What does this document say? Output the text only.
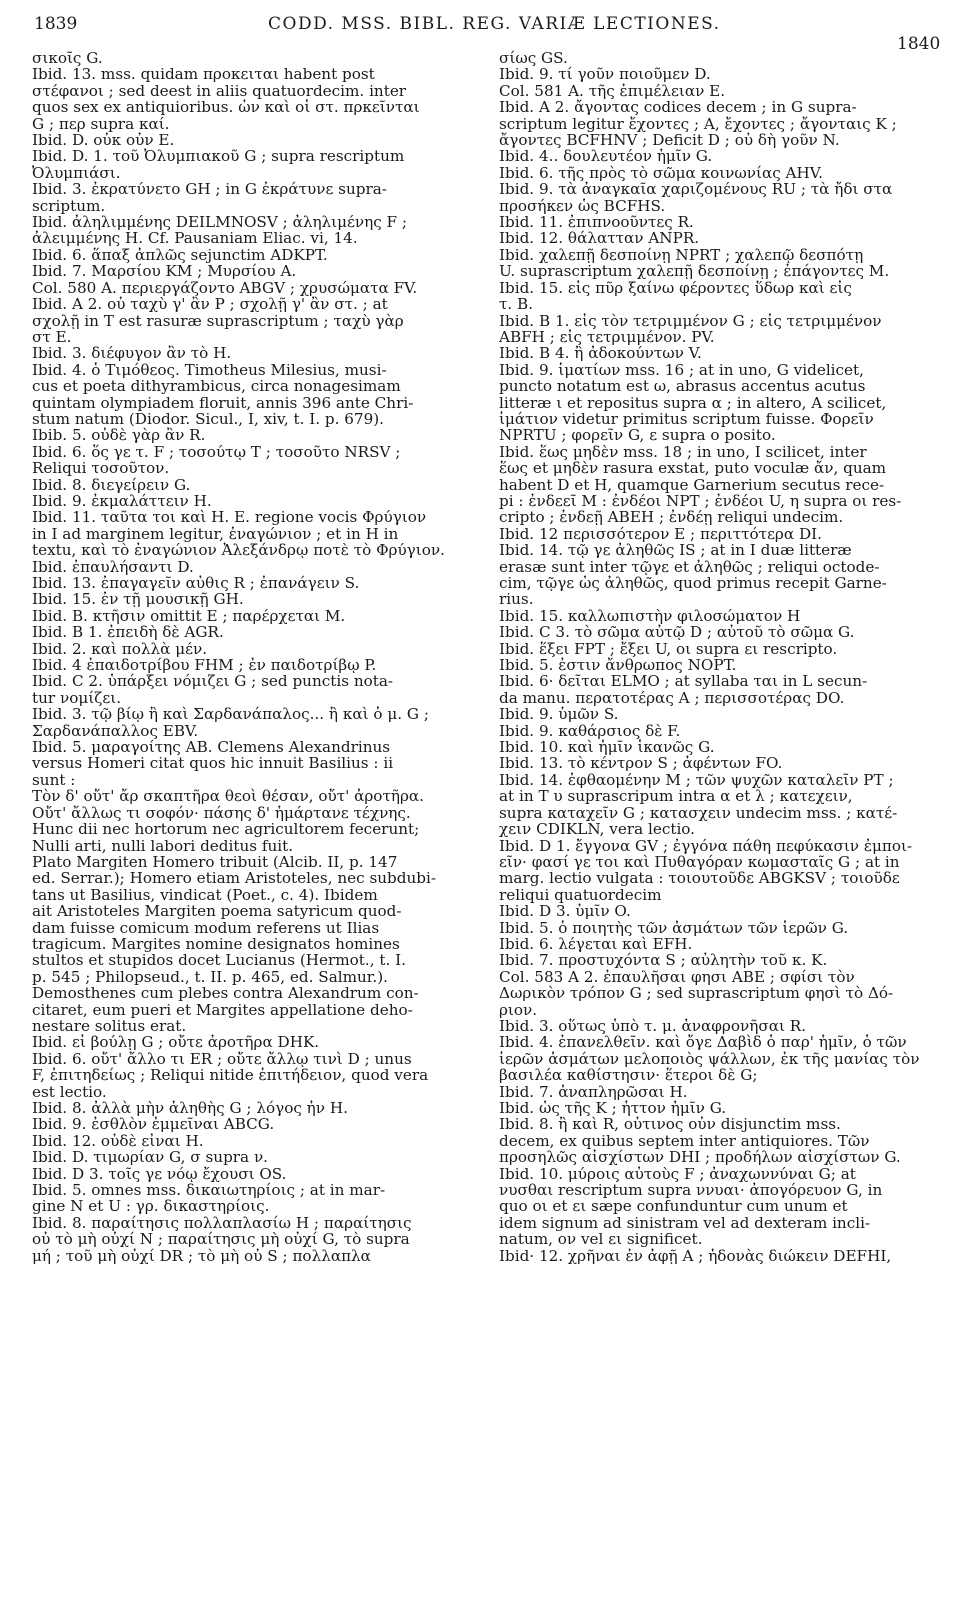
1839	CODD. MSS. BIBL. REG. VARIÆ LECTIONES.
1840
σικοῖς G.
Ibid. 13. mss. quidam προκειται habent post
στέφανοι ; sed deest in aliis quatuordecim. inter
quos sex ex antiquioribus. ὧν καὶ οἱ στ. πρκεῖνται
G ; περ supra καί.
Ibid. D. οὐκ οὖν E.
Ibid. D. 1. τοῦ Ὀλυμπιακοῦ G ; supra rescriptum
Ὀλυμπιάσι.
Ibid. 3. ἐκρατύνετο GH ; in G ἐκράτυνε supra-
scriptum.
Ibid. ἀληλιμμένης DEILMNOSV ; ἀληλιμένης F ;
ἀλειμμένης H. Cf. Pausaniam Eliac. vi, 14.
Ibid. 6. ἅπαξ ἁπλῶς sejunctim ADKPT.
Ibid. 7. Μαρσίου KM ; Μυρσίου A.
Col. 580 A. περιεργάζοντο ABGV ; χρυσώματα FV.
Ibid. A 2. οὐ ταχὺ γ' ἂν P ; σχολῇ γ' ἂν στ. ; at
σχολῇ in T est rasuræ suprascriptum ; ταχὺ γὰρ
στ E.
Ibid. 3. διέφυγον ἂν τὸ H.
Ibid. 4. ὁ Τιμόθεος. Timotheus Milesius, musi-
cus et poeta dithyrambicus, circa nonagesimam
quintam olympiadem floruit, annis 396 ante Chri-
stum natum (Diodor. Sicul., I, xiv, t. I. p. 679).
Ibib. 5. οὐδὲ γὰρ ἂν R.
Ibid. 6. ὅς γε τ. F ; τοσούτῳ T ; τοσοῦτο NRSV ;
Reliqui τοσοῦτον.
Ibid. 8. διεγείρειν G.
Ibid. 9. ἐκμαλάττειν H.
Ibid. 11. ταῦτα τοι καὶ H. E. regione vocis Φρύγιον
in I ad marginem legitur, ἐναγώνιον ; et in H in
textu, καὶ τὸ ἐναγώνιον Ἀλεξάνδρῳ ποτὲ τὸ Φρύγιον.
Ibid. ἐπαυλήσαντι D.
Ibid. 13. ἐπαγαγεῖν αὖθις R ; ἐπανάγειν S.
Ibid. 15. ἐν τῇ μουσικῇ GH.
Ibid. B. κτῆσιν omittit E ; παρέρχεται M.
Ibid. B 1. ἐπειδὴ δὲ AGR.
Ibid. 2. καὶ πολλὰ μέν.
Ibid. 4 ἐπαιδοτρίβου FHM ; ἐν παιδοτρίβῳ P.
Ibid. C 2. ὑπάρξει νόμιζει G ; sed punctis nota-
tur νομίζει.
Ibid. 3. τῷ βίῳ ἢ καὶ Σαρδανάπαλος... ἢ καὶ ὁ μ. G ;
Σαρδανάπαλλος EBV.
Ibid. 5. μαραγοίτης AB. Clemens Alexandrinus
versus Homeri citat quos hic innuit Basilius : ii
sunt :
Τὸν δ' οὔτ' ἄρ σκαπτῆρα θεοὶ θέσαν, οὔτ' ἀροτῆρα.
Οὔτ' ἄλλως τι σοφόν· πάσης δ' ἡμάρτανε τέχνης.
Hunc dii nec hortorum nec agricultorem fecerunt;
Nulli arti, nulli labori deditus fuit.
Plato Margiten Homero tribuit (Alcib. II, p. 147
ed. Serrar.); Homero etiam Aristoteles, nec subdubi-
tans ut Basilius, vindicat (Poet., c. 4). Ibidem
ait Aristoteles Margiten poema satyricum quod-
dam fuisse comicum modum referens ut Ilias
tragicum. Margites nomine designatos homines
stultos et stupidos docet Lucianus (Hermot., t. I.
p. 545 ; Philopseud., t. II. p. 465, ed. Salmur.).
Demosthenes cum plebes contra Alexandrum con-
citaret, eum pueri et Margites appellatione deho-
nestare solitus erat.
Ibid. εἰ βούλῃ G ; οὔτε ἀροτῆρα DHK.
Ibid. 6. οὔτ' ἄλλο τι ER ; οὔτε ἄλλῳ τινὶ D ; unus
F, ἐπιτηδείως ; Reliqui nitide ἐπιτήδειον, quod vera
est lectio.
Ibid. 8. ἀλλὰ μὴν ἀληθὴς G ; λόγος ἦν H.
Ibid. 9. ἐσθλὸν ἐμμεῖναι ABCG.
Ibid. 12. οὐδὲ εἶναι H.
Ibid. D. τιμωρίαν G, σ supra ν.
Ibid. D 3. τοῖς γε νόῳ ἔχουσι OS.
Ibid. 5. omnes mss. δικαιωτηρίοις ; at in mar-
gine N et U : γρ. δικαστηρίοις.
Ibid. 8. παραίτησις πολλαπλασίω H ; παραίτησις
οὐ τὸ μὴ οὐχί N ; παραίτησις μὴ οὐχί G, τὸ supra
μή ; τοῦ μὴ οὐχί DR ; τὸ μὴ οὐ S ; πολλαπλα
σίως GS.
Ibid. 9. τί γοῦν ποιοῦμεν D.
Col. 581 A. τῆς ἐπιμέλειαν E.
Ibid. A 2. ἄγοντας codices decem ; in G supra-
scriptum legitur ἔχοντες ; A, ἔχοντες ; ἄγονταις K ;
ἄγοντες BCFHNV ; Deficit D ; οὐ δὴ γοῦν N.
Ibid. 4.. δουλευτέον ἡμῖν G.
Ibid. 6. τῆς πρὸς τὸ σῶμα κοινωνίας AHV.
Ibid. 9. τὰ ἀναγκαῖα χαριζομένους RU ; τὰ ἤδι στα
προσήκεν ὡς BCFHS.
Ibid. 11. ἐπιπνοοῦντες R.
Ibid. 12. θάλατταν ANPR.
Ibid. χαλεπῇ δεσποίνῃ NPRT ; χαλεπῷ δεσπότῃ
U. suprascriptum χαλεπῇ δεσποίνῃ ; ἐπάγοντες M.
Ibid. 15. εἰς πῦρ ξαίνω φέροντες ὕδωρ καὶ εἰς
τ. B.
Ibid. B 1. εἰς τὸν τετριμμένον G ; εἰς τετριμμένον
ABFH ; εἰς τετριμμένον. PV.
Ibid. B 4. ἢ ἀδοκούντων V.
Ibid. 9. ἱματίων mss. 16 ; at in uno, G videlicet,
puncto notatum est ω, abrasus accentus acutus
litteræ ι et repositus supra α ; in altero, A scilicet,
ἱμάτιον videtur primitus scriptum fuisse. Φορεῖν
NPRTU ; φορεῖν G, ε supra ο posito.
Ibid. ἕως μηδὲν mss. 18 ; in uno, I scilicet, inter
ἕως et μηδὲν rasura exstat, puto voculæ ἄν, quam
habent D et H, quamque Garnerium secutus rece-
pi : ἐνδεεῖ M : ἐνδέοι NPT ; ἐνδέοι U, η supra οι res-
cripto ; ἐνδεῇ ABEH ; ἐνδέῃ reliqui undecim.
Ibid. 12 περισσότερον E ; περιττότερα DI.
Ibid. 14. τῷ γε ἀληθῶς IS ; at in I duæ litteræ
erasæ sunt inter τῷγε et ἀληθῶς ; reliqui octode-
cim, τῷγε ὡς ἀληθῶς, quod primus recepit Garne-
rius.
Ibid. 15. καλλωπιστὴν φιλοσώματον H
Ibid. C 3. τὸ σῶμα αὐτῷ D ; αὐτοῦ τὸ σῶμα G.
Ibid. ἕξει FPT ; ἔξει U, οι supra ει rescripto.
Ibid. 5. ἐστιν ἄνθρωπος NOPT.
Ibid. 6· δεῖται ELMO ; at syllaba ται in L secun-
da manu. περατοτέρας A ; περισσοτέρας DO.
Ibid. 9. ὑμῶν S.
Ibid. 9. καθάρσιος δὲ F.
Ibid. 10. καὶ ἡμῖν ἱκανῶς G.
Ibid. 13. τὸ κέντρον S ; ἀφέντων FO.
Ibid. 14. ἐφθαομένην M ; τῶν ψυχῶν καταλεῖν PT ;
at in T υ suprascripum intra α et λ ; κατεχειν,
supra καταχεῖν G ; κατασχειν undecim mss. ; κατέ-
χειν CDIKLN, vera lectio.
Ibid. D 1. ἔγγονα GV ; ἐγγόνα πάθη πεφύκασιν ἐμποι-
εῖν· φασί γε τοι καὶ Πυθαγόραν κωμασταῖς G ; at in
marg. lectio vulgata : τοιουτοῦδε ABGKSV ; τοιοῦδε
reliqui quatuordecim
Ibid. D 3. ὑμῖν O.
Ibid. 5. ὁ ποιητὴς τῶν ἀσμάτων τῶν ἱερῶν G.
Ibid. 6. λέγεται καὶ EFH.
Ibid. 7. προστυχόντα S ; αὐλητὴν τοῦ κ. K.
Col. 583 A 2. ἐπαυλῆσαι φησι ABE ; σφίσι τὸν
Δωρικὸν τρόπον G ; sed suprascriptum φησὶ τὸ Δό-
ριον.
Ibid. 3. οὕτως ὑπὸ τ. μ. ἀναφρονῆσαι R.
Ibid. 4. ἐπανελθεῖν. καὶ ὄγε Δαβὶδ ὁ παρ' ἡμῖν, ὁ τῶν
ἱερῶν ἀσμάτων μελοποιὸς ψάλλων, ἐκ τῆς μανίας τὸν
βασιλέα καθίστησιν· ἕτεροι δὲ G;
Ibid. 7. ἀναπληρῶσαι H.
Ibid. ὡς τῆς K ; ἧττον ἡμῖν G.
Ibid. 8. ἢ καὶ R, οὐτινος οὖν disjunctim mss.
decem, ex quibus septem inter antiquiores. Τῶν
προσηλῶς αἰσχίστων DHI ; προδήλων αἰσχίστων G.
Ibid. 10. μύροις αὐτοὺς F ; ἀναχωννύναι G; at
νυσθαι rescriptum supra ννυαι· ἀπογόρευον G, in
quo οι et ει sæpe confunduntur cum unum et
idem signum ad sinistram vel ad dexteram incli-
natum, ον vel ει significet.
Ibid· 12. χρῆναι ἐν ἀφῇ A ; ἡδονὰς διώκειν DEFHI,
